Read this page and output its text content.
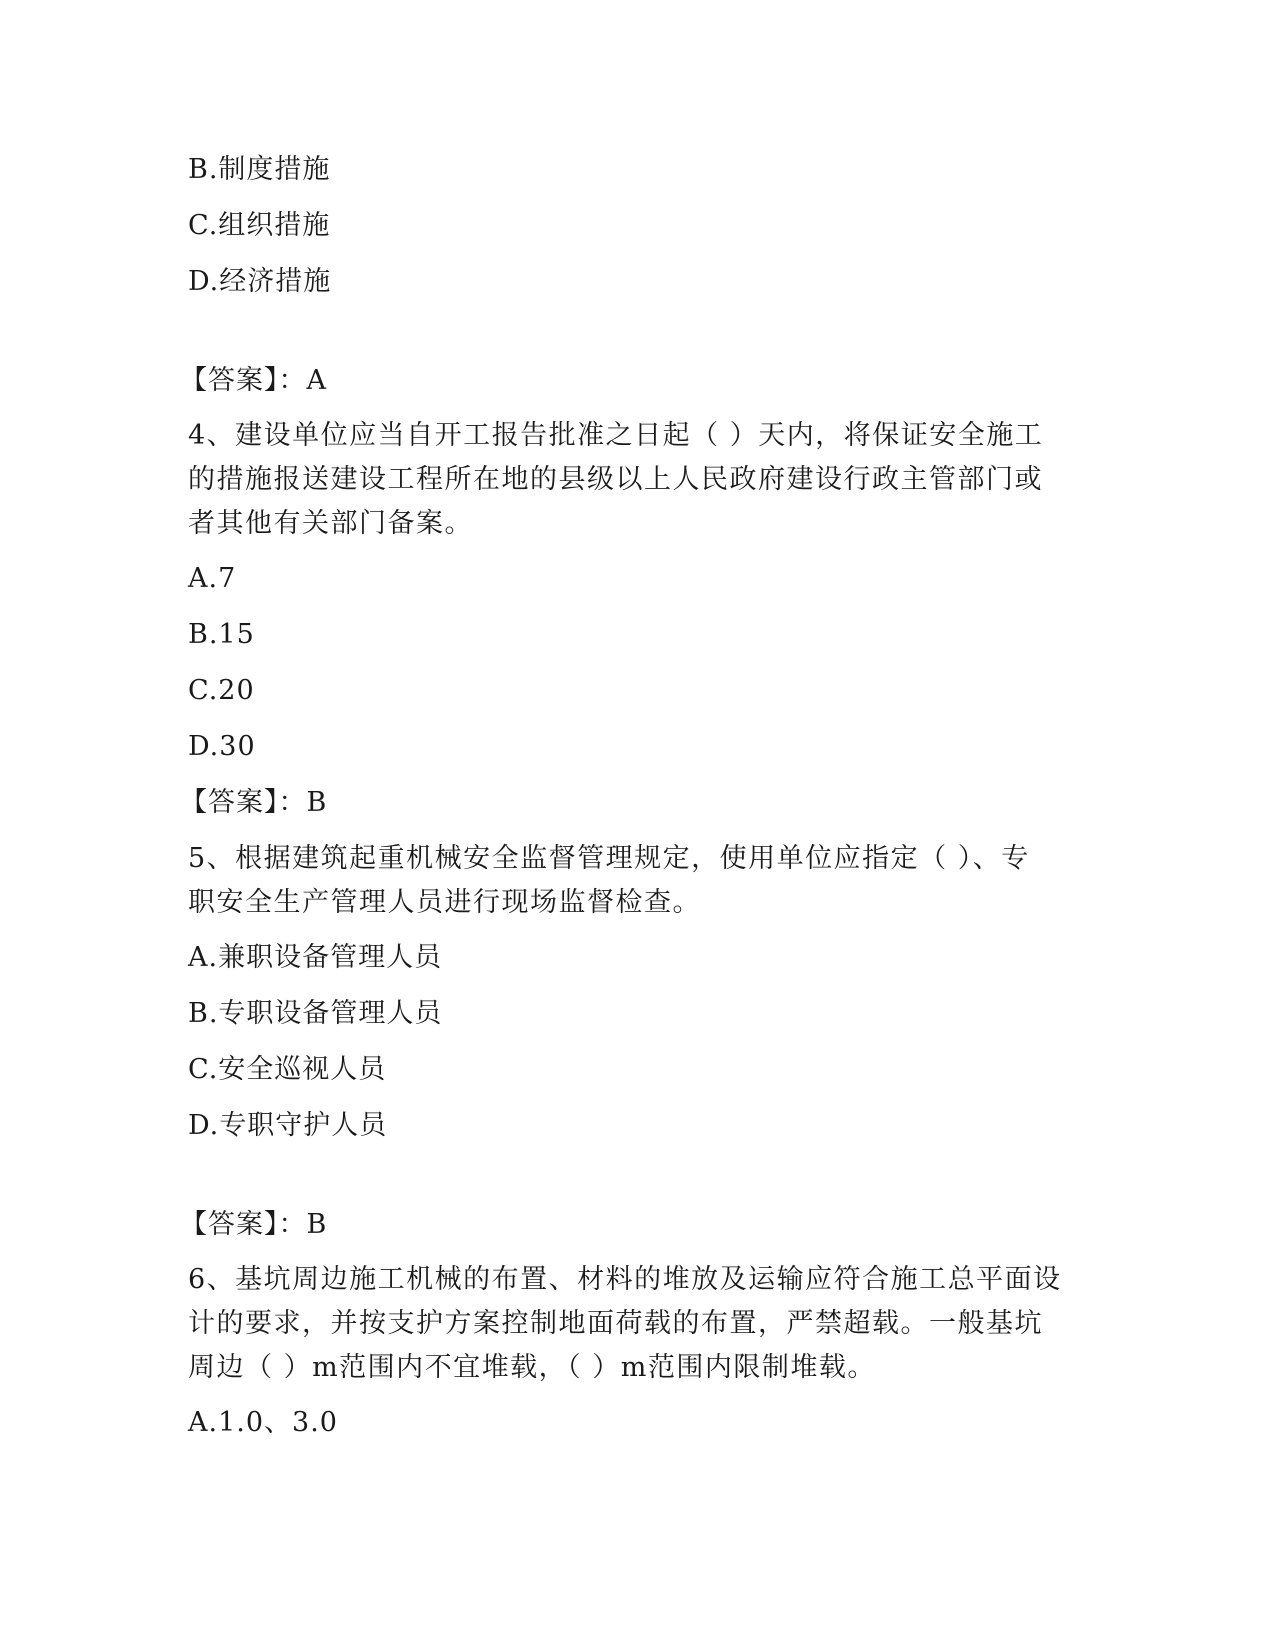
B.制度措施
C.组织措施
D.经济措施
【答案】：A
4、建设单位应当自开工报告批准之日起（ ）天内，将保证安全施工
的措施报送建设工程所在地的县级以上人民政府建设行政主管部门或
者其他有关部门备案。
A.7
B.15
C.20
D.30
【答案】：B
5、根据建筑起重机械安全监督管理规定，使用单位应指定（ ）、专
职安全生产管理人员进行现场监督检查。
A.兼职设备管理人员
B.专职设备管理人员
C.安全巡视人员
D.专职守护人员
【答案】：B
6、基坑周边施工机械的布置、材料的堆放及运输应符合施工总平面设
计的要求，并按支护方案控制地面荷载的布置，严禁超载。一般基坑
周边（ ）m范围内不宜堆载，（ ）m范围内限制堆载。
A.1.0、3.0
